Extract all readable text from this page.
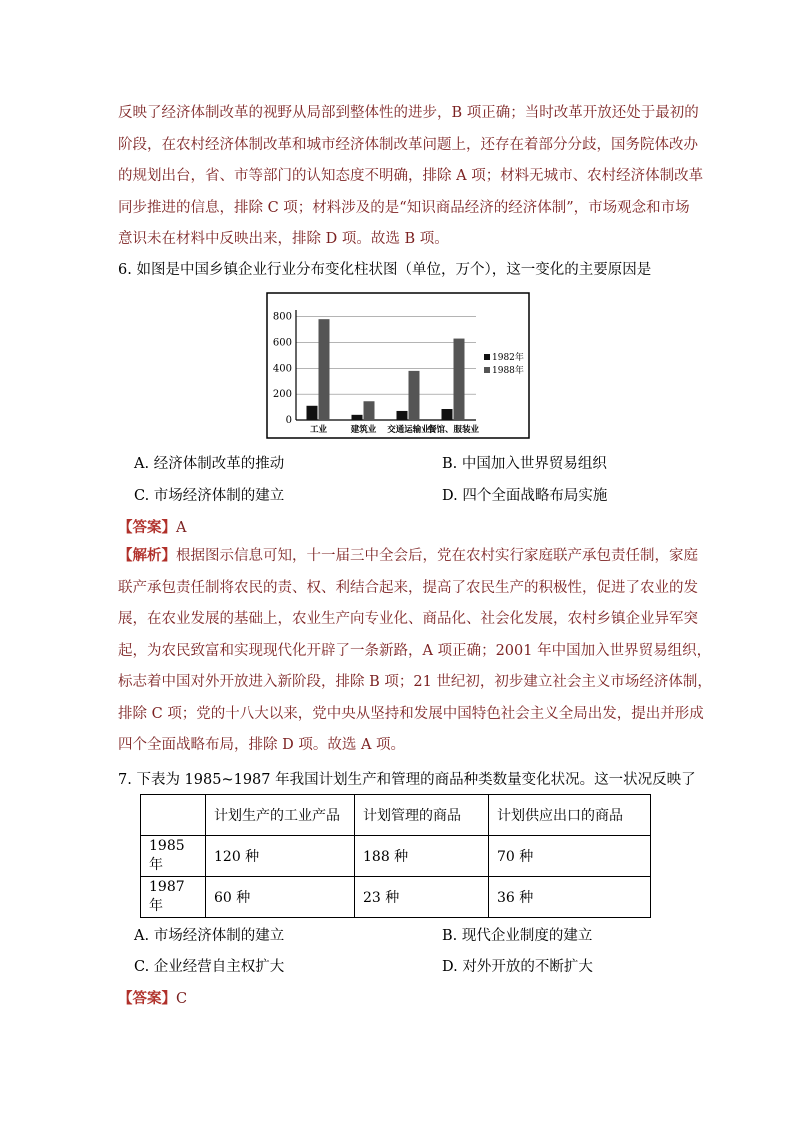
反映了经济体制改革的视野从局部到整体性的进步，B 项正确；当时改革开放还处于最初的
阶段，在农村经济体制改革和城市经济体制改革问题上，还存在着部分分歧，国务院体改办
的规划出台，省、市等部门的认知态度不明确，排除 A 项；材料无城市、农村经济体制改革
同步推进的信息，排除 C 项；材料涉及的是“知识商品经济的经济体制”，市场观念和市场
意识未在材料中反映出来，排除 D 项。故选 B 项。
6. 如图是中国乡镇企业行业分布变化柱状图（单位，万个），这一变化的主要原因是
0
200
400
600
800
工业	建筑业 交通运输业
餐馆、服装业
1982年
1988年
A. 经济体制改革的推动	B. 中国加入世界贸易组织
C. 市场经济体制的建立	D. 四个全面战略布局实施
【答案】A
【解析】根据图示信息可知，十一届三中全会后，党在农村实行家庭联产承包责任制，家庭
联产承包责任制将农民的责、权、利结合起来，提高了农民生产的积极性，促进了农业的发
展，在农业发展的基础上，农业生产向专业化、商品化、社会化发展，农村乡镇企业异军突
起，为农民致富和实现现代化开辟了一条新路，A 项正确；2001 年中国加入世界贸易组织，
标志着中国对外开放进入新阶段，排除 B 项；21 世纪初，初步建立社会主义市场经济体制，
排除 C 项；党的十八大以来，党中央从坚持和发展中国特色社会主义全局出发，提出并形成
四个全面战略布局，排除 D 项。故选 A 项。
7. 下表为 1985~1987 年我国计划生产和管理的商品种类数量变化状况。这一状况反映了
	计划生产的工业产品	计划管理的商品	计划供应出口的商品
1985 年	120 种	188 种	70 种
1987 年	60 种	23 种	36 种
A. 市场经济体制的建立	B. 现代企业制度的建立
C. 企业经营自主权扩大	D. 对外开放的不断扩大
【答案】C
